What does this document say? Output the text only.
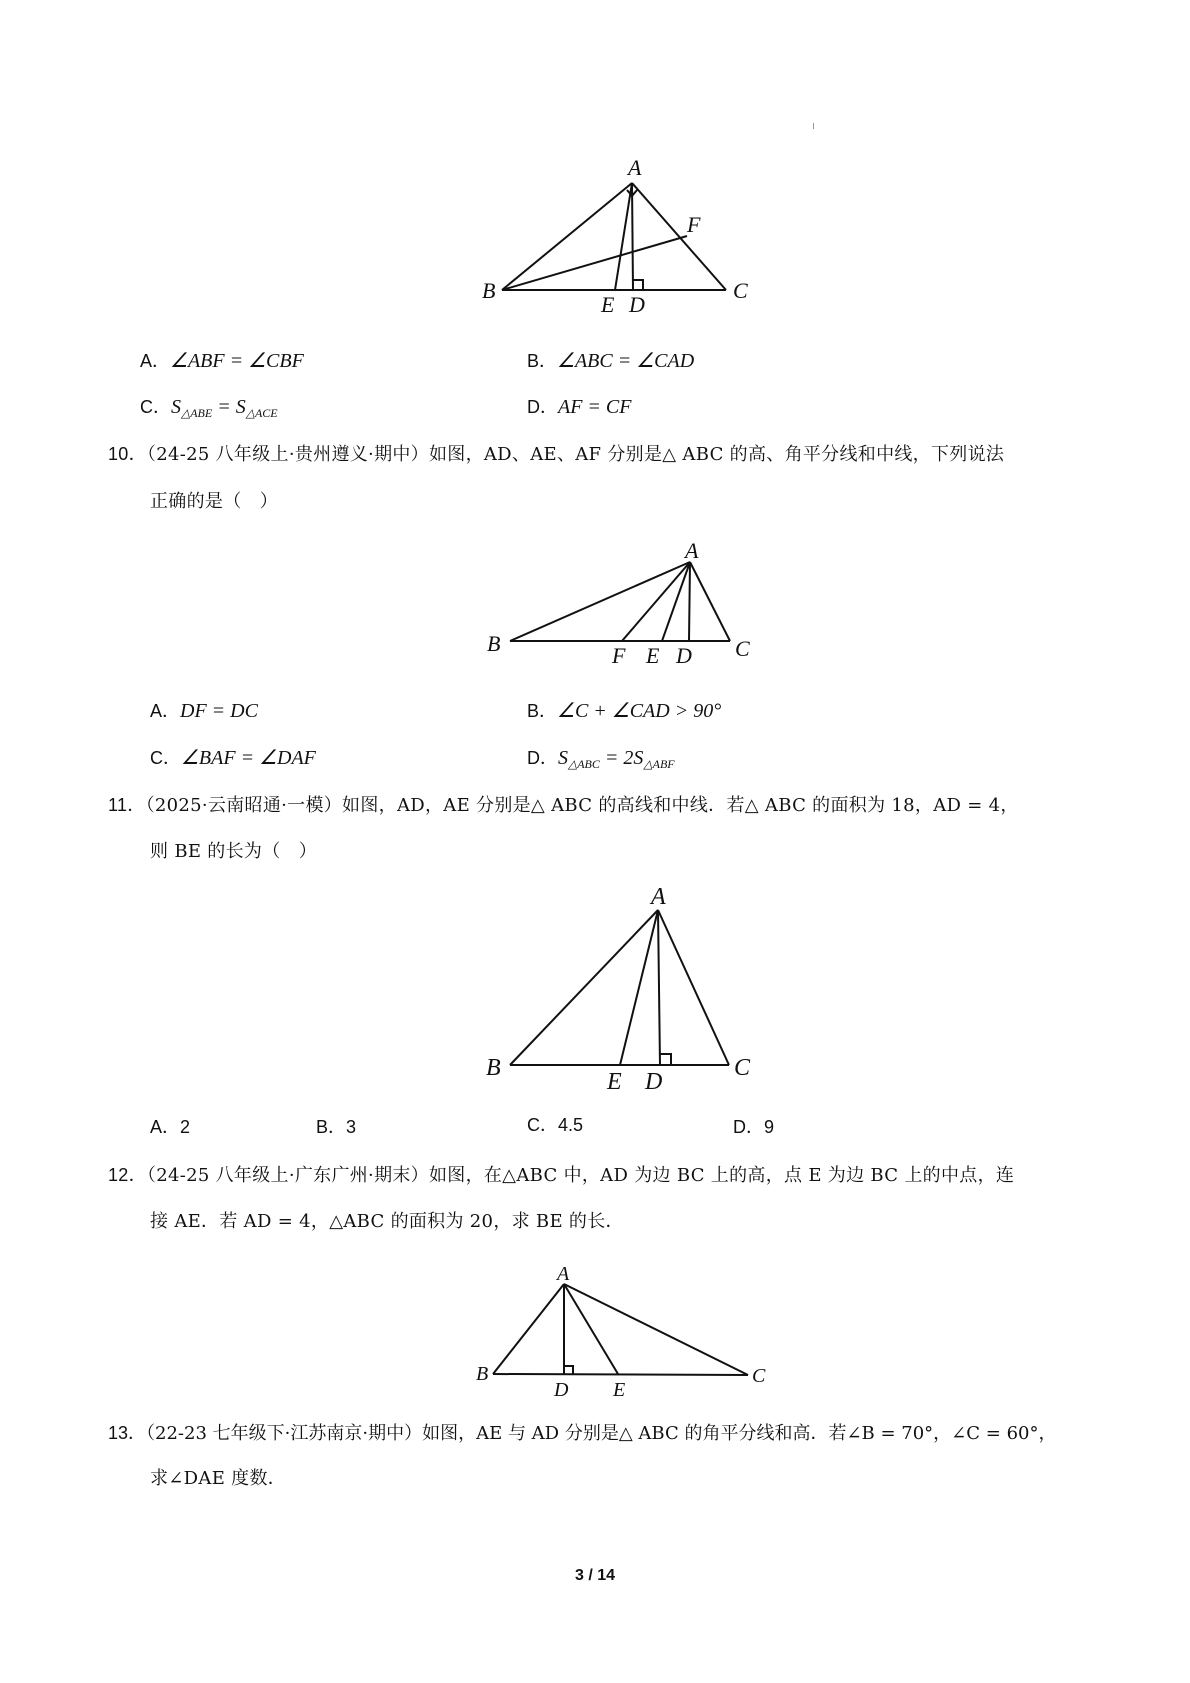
A
F
B	C
E D
A．∠ABF = ∠CBF	B．∠ABC = ∠CAD
C．$S_{\triangle ABE} = S_{\triangle ACE}$	D．AF = CF
10．（24-25 八年级上·贵州遵义·期中）如图，AD、AE、AF 分别是△ ABC 的高、角平分线和中线，下列说法
正确的是（　）
A
B	C
F E D
A．DF = DC	B．∠C + ∠CAD > 90°
C．∠BAF = ∠DAF	D．$S_{\triangle ABC} = 2S_{\triangle ABF}$
11．（2025·云南昭通·一模）如图，AD，AE 分别是△ ABC 的高线和中线．若△ ABC 的面积为 18，AD = 4，
则 BE 的长为（　）
A
B	C
E D
A．2	B．3	C．4.5	D．9
12．（24-25 八年级上·广东广州·期末）如图，在△ABC 中，AD 为边 BC 上的高，点 E 为边 BC 上的中点，连
接 AE．若 AD = 4，△ABC 的面积为 20，求 BE 的长．
A
B	C
D E
13．（22-23 七年级下·江苏南京·期中）如图，AE 与 AD 分别是△ ABC 的角平分线和高．若∠B = 70°，∠C = 60°，
求∠DAE 度数．
3 / 14
